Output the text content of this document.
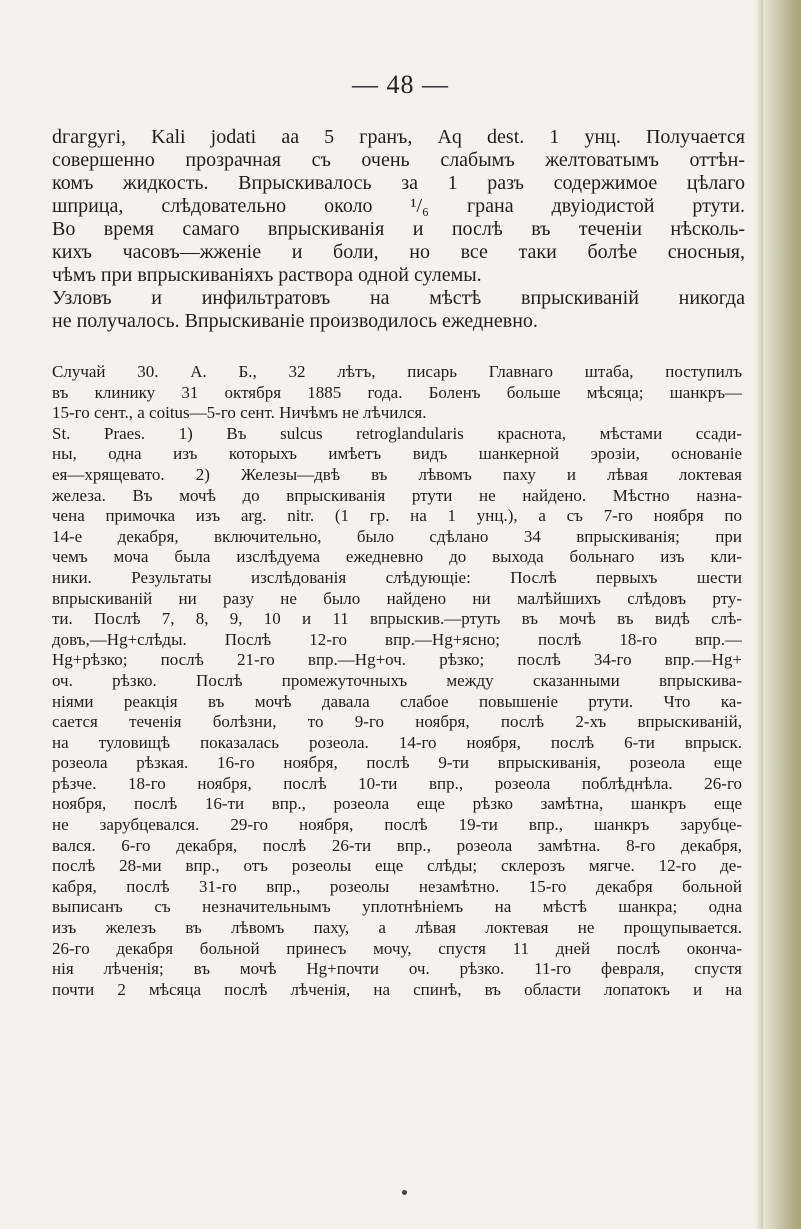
— 48 —
dгагgугі, Kali јоdаtі аа 5 гранъ, Aq dest. 1 унц. Получается
совершенно прозрачная съ очень слабымъ желтоватымъ оттѣн-
комъ жидкость. Впрыскивалось за 1 разъ содержимое цѣлаго
шприца, слѣдовательно около ¹/₆ грана двуіодистой ртути.
Во время самаго впрыскиванія и послѣ въ теченіи нѣсколь-
кихъ часовъ—жженіе и боли, но все таки болѣе сносныя,
чѣмъ при впрыскиваніяхъ раствора одной сулемы.
Узловъ и инфильтратовъ на мѣстѣ впрыскиваній никогда
не получалось. Впрыскиваніе производилось ежедневно.
Случай 30. А. Б., 32 лѣтъ, писарь Главнаго штаба, поступилъ
въ клинику 31 октября 1885 года. Боленъ больше мѣсяца; шанкръ—
15-го сент., а coitus—5-го сент. Ничѣмъ не лѣчился.
St. Praes. 1) Въ sulcus retroglandularis краснота, мѣстами ссади-
ны, одна изъ которыхъ имѣетъ видъ шанкерной эрозіи, основаніе
ея—хрящевато. 2) Железы—двѣ въ лѣвомъ паху и лѣвая локтевая
железа. Въ мочѣ до впрыскиванія ртути не найдено. Мѣстно назна-
чена примочка изъ arg. nitr. (1 гр. на 1 унц.), а съ 7-го ноября по
14-е декабря, включительно, было сдѣлано 34 впрыскиванія; при
чемъ моча была изслѣдуема ежедневно до выхода больнаго изъ кли-
ники. Результаты изслѣдованія слѣдующіе: Послѣ первыхъ шести
впрыскиваній ни разу не было найдено ни малѣйшихъ слѣдовъ рту-
ти. Послѣ 7, 8, 9, 10 и 11 впрыскив.—ртуть въ мочѣ въ видѣ слѣ-
довъ,—Hg+слѣды. Послѣ 12-го впр.—Hg+ясно; послѣ 18-го впр.—
Hg+рѣзко; послѣ 21-го впр.—Hg+оч. рѣзко; послѣ 34-го впр.—Hg+
оч. рѣзко. Послѣ промежуточныхъ между сказанными впрыскива-
ніями реакція въ мочѣ давала слабое повышеніе ртути. Что ка-
сается теченія болѣзни, то 9-го ноября, послѣ 2-хъ впрыскиваній,
на туловищѣ показалась розеола. 14-го ноября, послѣ 6-ти впрыск.
розеола рѣзкая. 16-го ноября, послѣ 9-ти впрыскиванія, розеола еще
рѣзче. 18-го ноября, послѣ 10-ти впр., розеола поблѣднѣла. 26-го
ноября, послѣ 16-ти впр., розеола еще рѣзко замѣтна, шанкръ еще
не зарубцевался. 29-го ноября, послѣ 19-ти впр., шанкръ зарубце-
вался. 6-го декабря, послѣ 26-ти впр., розеола замѣтна. 8-го декабря,
послѣ 28-ми впр., отъ розеолы еще слѣды; склерозъ мягче. 12-го де-
кабря, послѣ 31-го впр., розеолы незамѣтно. 15-го декабря больной
выписанъ съ незначительнымъ уплотнѣніемъ на мѣстѣ шанкра; одна
изъ железъ въ лѣвомъ паху, а лѣвая локтевая не прощупывается.
26-го декабря больной принесъ мочу, спустя 11 дней послѣ оконча-
нія лѣченія; въ мочѣ Hg+почти оч. рѣзко. 11-го февраля, спустя
почти 2 мѣсяца послѣ лѣченія, на спинѣ, въ области лопатокъ и на
